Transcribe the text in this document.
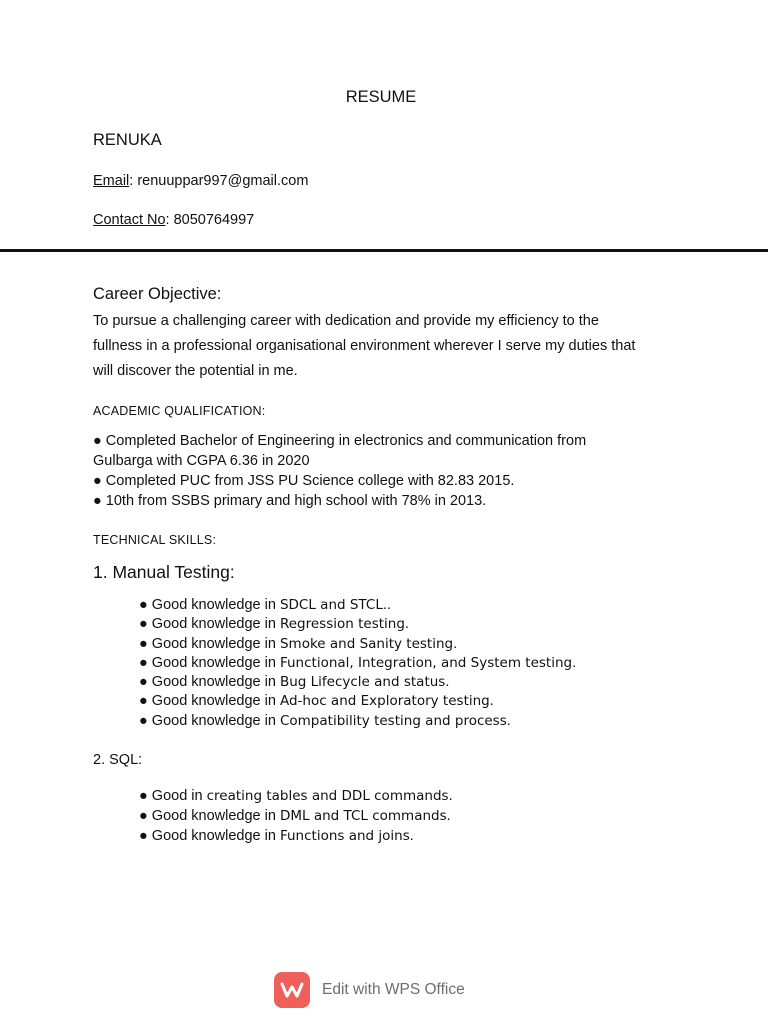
RESUME
RENUKA
Email: renuuppar997@gmail.com
Contact No: 8050764997
Career Objective:
To pursue a challenging career with dedication and provide my efficiency to the
fullness in a professional organisational environment wherever I serve my duties that
will discover the potential in me.
ACADEMIC QUALIFICATION:
● Completed Bachelor of Engineering in electronics and communication from
Gulbarga with CGPA 6.36 in 2020
● Completed PUC from JSS PU Science college with 82.83 2015.
● 10th from SSBS primary and high school with 78% in 2013.
TECHNICAL SKILLS:
1. Manual Testing:
● Good knowledge in SDCL and STCL..
● Good knowledge in Regression testing.
● Good knowledge in Smoke and Sanity testing.
● Good knowledge in Functional, Integration, and System testing.
● Good knowledge in Bug Lifecycle and status.
● Good knowledge in Ad-hoc and Exploratory testing.
● Good knowledge in Compatibility testing and process.
2. SQL:
● Good in creating tables and DDL commands.
● Good knowledge in DML and TCL commands.
● Good knowledge in Functions and joins.
Edit with WPS Office
